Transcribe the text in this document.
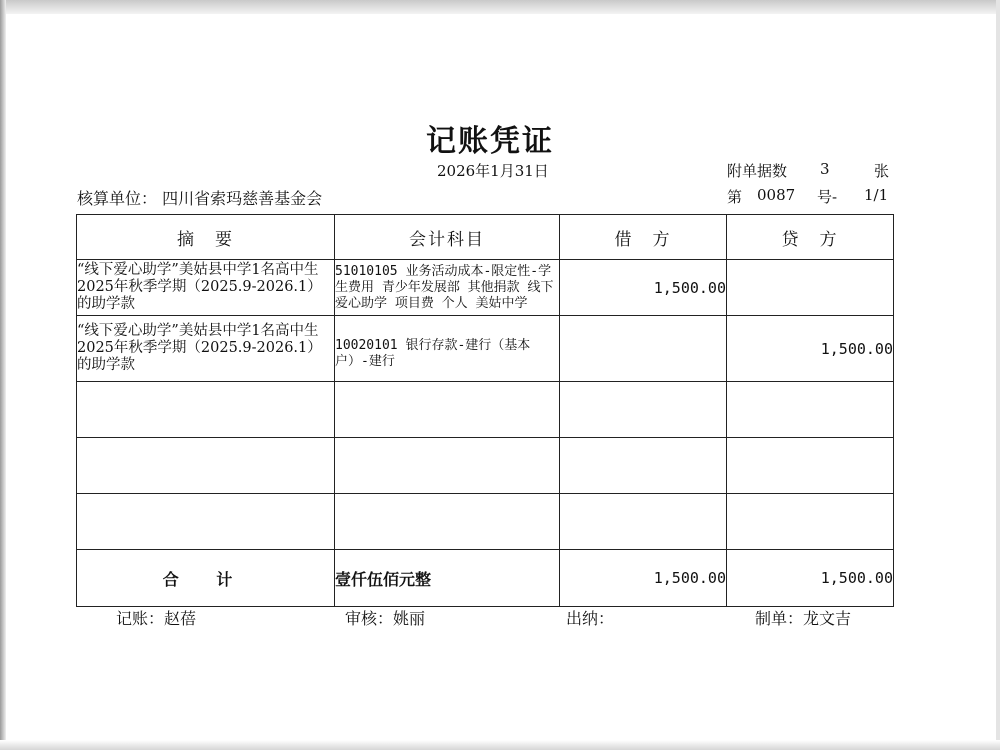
记账凭证
2026年1月31日	附单据数 3	张
核算单位： 四川省索玛慈善基金会	第 0087 号- 1/1
摘　要	会计科目	借　方	贷　方
“线下爱心助学”美姑县中学1名高中生2025年秋季学期（2025.9-2026.1）的助学款	51010105 业务活动成本-限定性-学生费用 青少年发展部 其他捐款 线下爱心助学 项目费 个人 美姑中学	1,500.00	
“线下爱心助学”美姑县中学1名高中生2025年秋季学期（2025.9-2026.1）的助学款	10020101 银行存款-建行（基本户）-建行		1,500.00

合 计	壹仟伍佰元整	1,500.00	1,500.00
记账：赵蓓	审核：姚丽	出纳：	制单：龙文吉
